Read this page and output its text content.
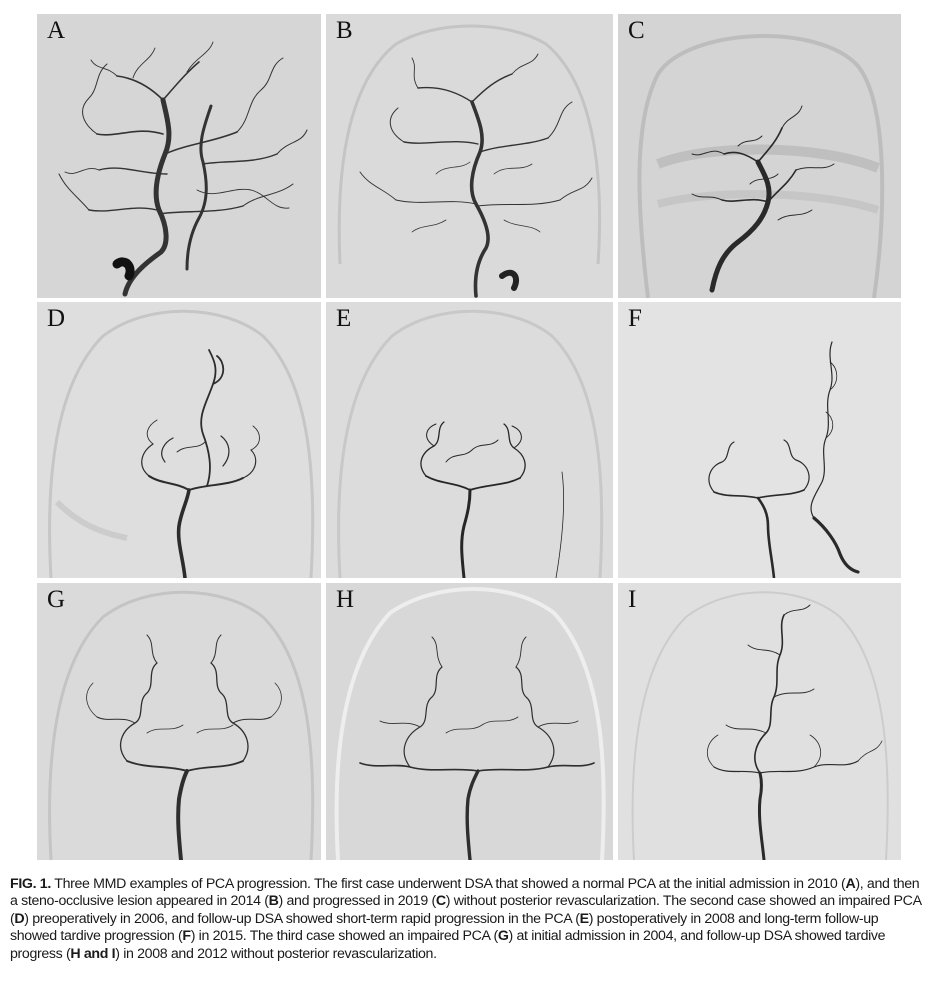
A	B	C
D	E	F
G	H	I
FIG. 1. Three MMD examples of PCA progression. The first case underwent DSA that showed a normal PCA at the initial admission in 2010 (A), and then a steno-occlusive lesion appeared in 2014 (B) and progressed in 2019 (C) without posterior revascularization. The second case showed an impaired PCA (D) preoperatively in 2006, and follow-up DSA showed short-term rapid progression in the PCA (E) postoperatively in 2008 and long-term follow-up showed tardive progression (F) in 2015. The third case showed an impaired PCA (G) at initial admission in 2004, and follow-up DSA showed tardive progress (H and I) in 2008 and 2012 without posterior revascularization.
